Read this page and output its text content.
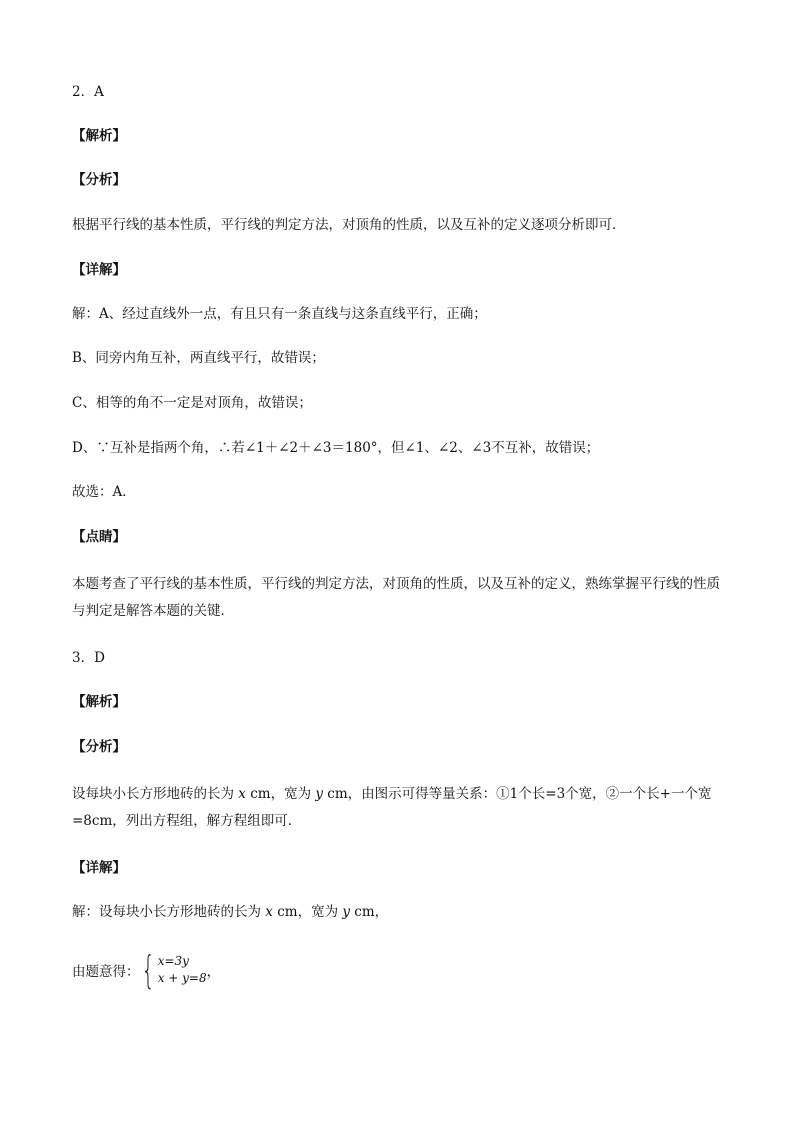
2．A
【解析】
【分析】
根据平行线的基本性质，平行线的判定方法，对顶角的性质，以及互补的定义逐项分析即可．
【详解】
解：A、经过直线外一点，有且只有一条直线与这条直线平行，正确；
B、同旁内角互补，两直线平行，故错误；
C、相等的角不一定是对顶角，故错误；
D、∵互补是指两个角，∴若∠1＋∠2＋∠3＝180°，但∠1、∠2、∠3不互补，故错误；
故选：A．
【点睛】
本题考查了平行线的基本性质，平行线的判定方法，对顶角的性质，以及互补的定义，熟练掌握平行线的性质与判定是解答本题的关键．
3．D
【解析】
【分析】
设每块小长方形地砖的长为 x cm，宽为 y cm，由图示可得等量关系：①1个长=3个宽，②一个长+一个宽=8cm，列出方程组，解方程组即可．
【详解】
解：设每块小长方形地砖的长为 x cm，宽为 y cm，
由题意得： { x=3y
x + y=8 ，
